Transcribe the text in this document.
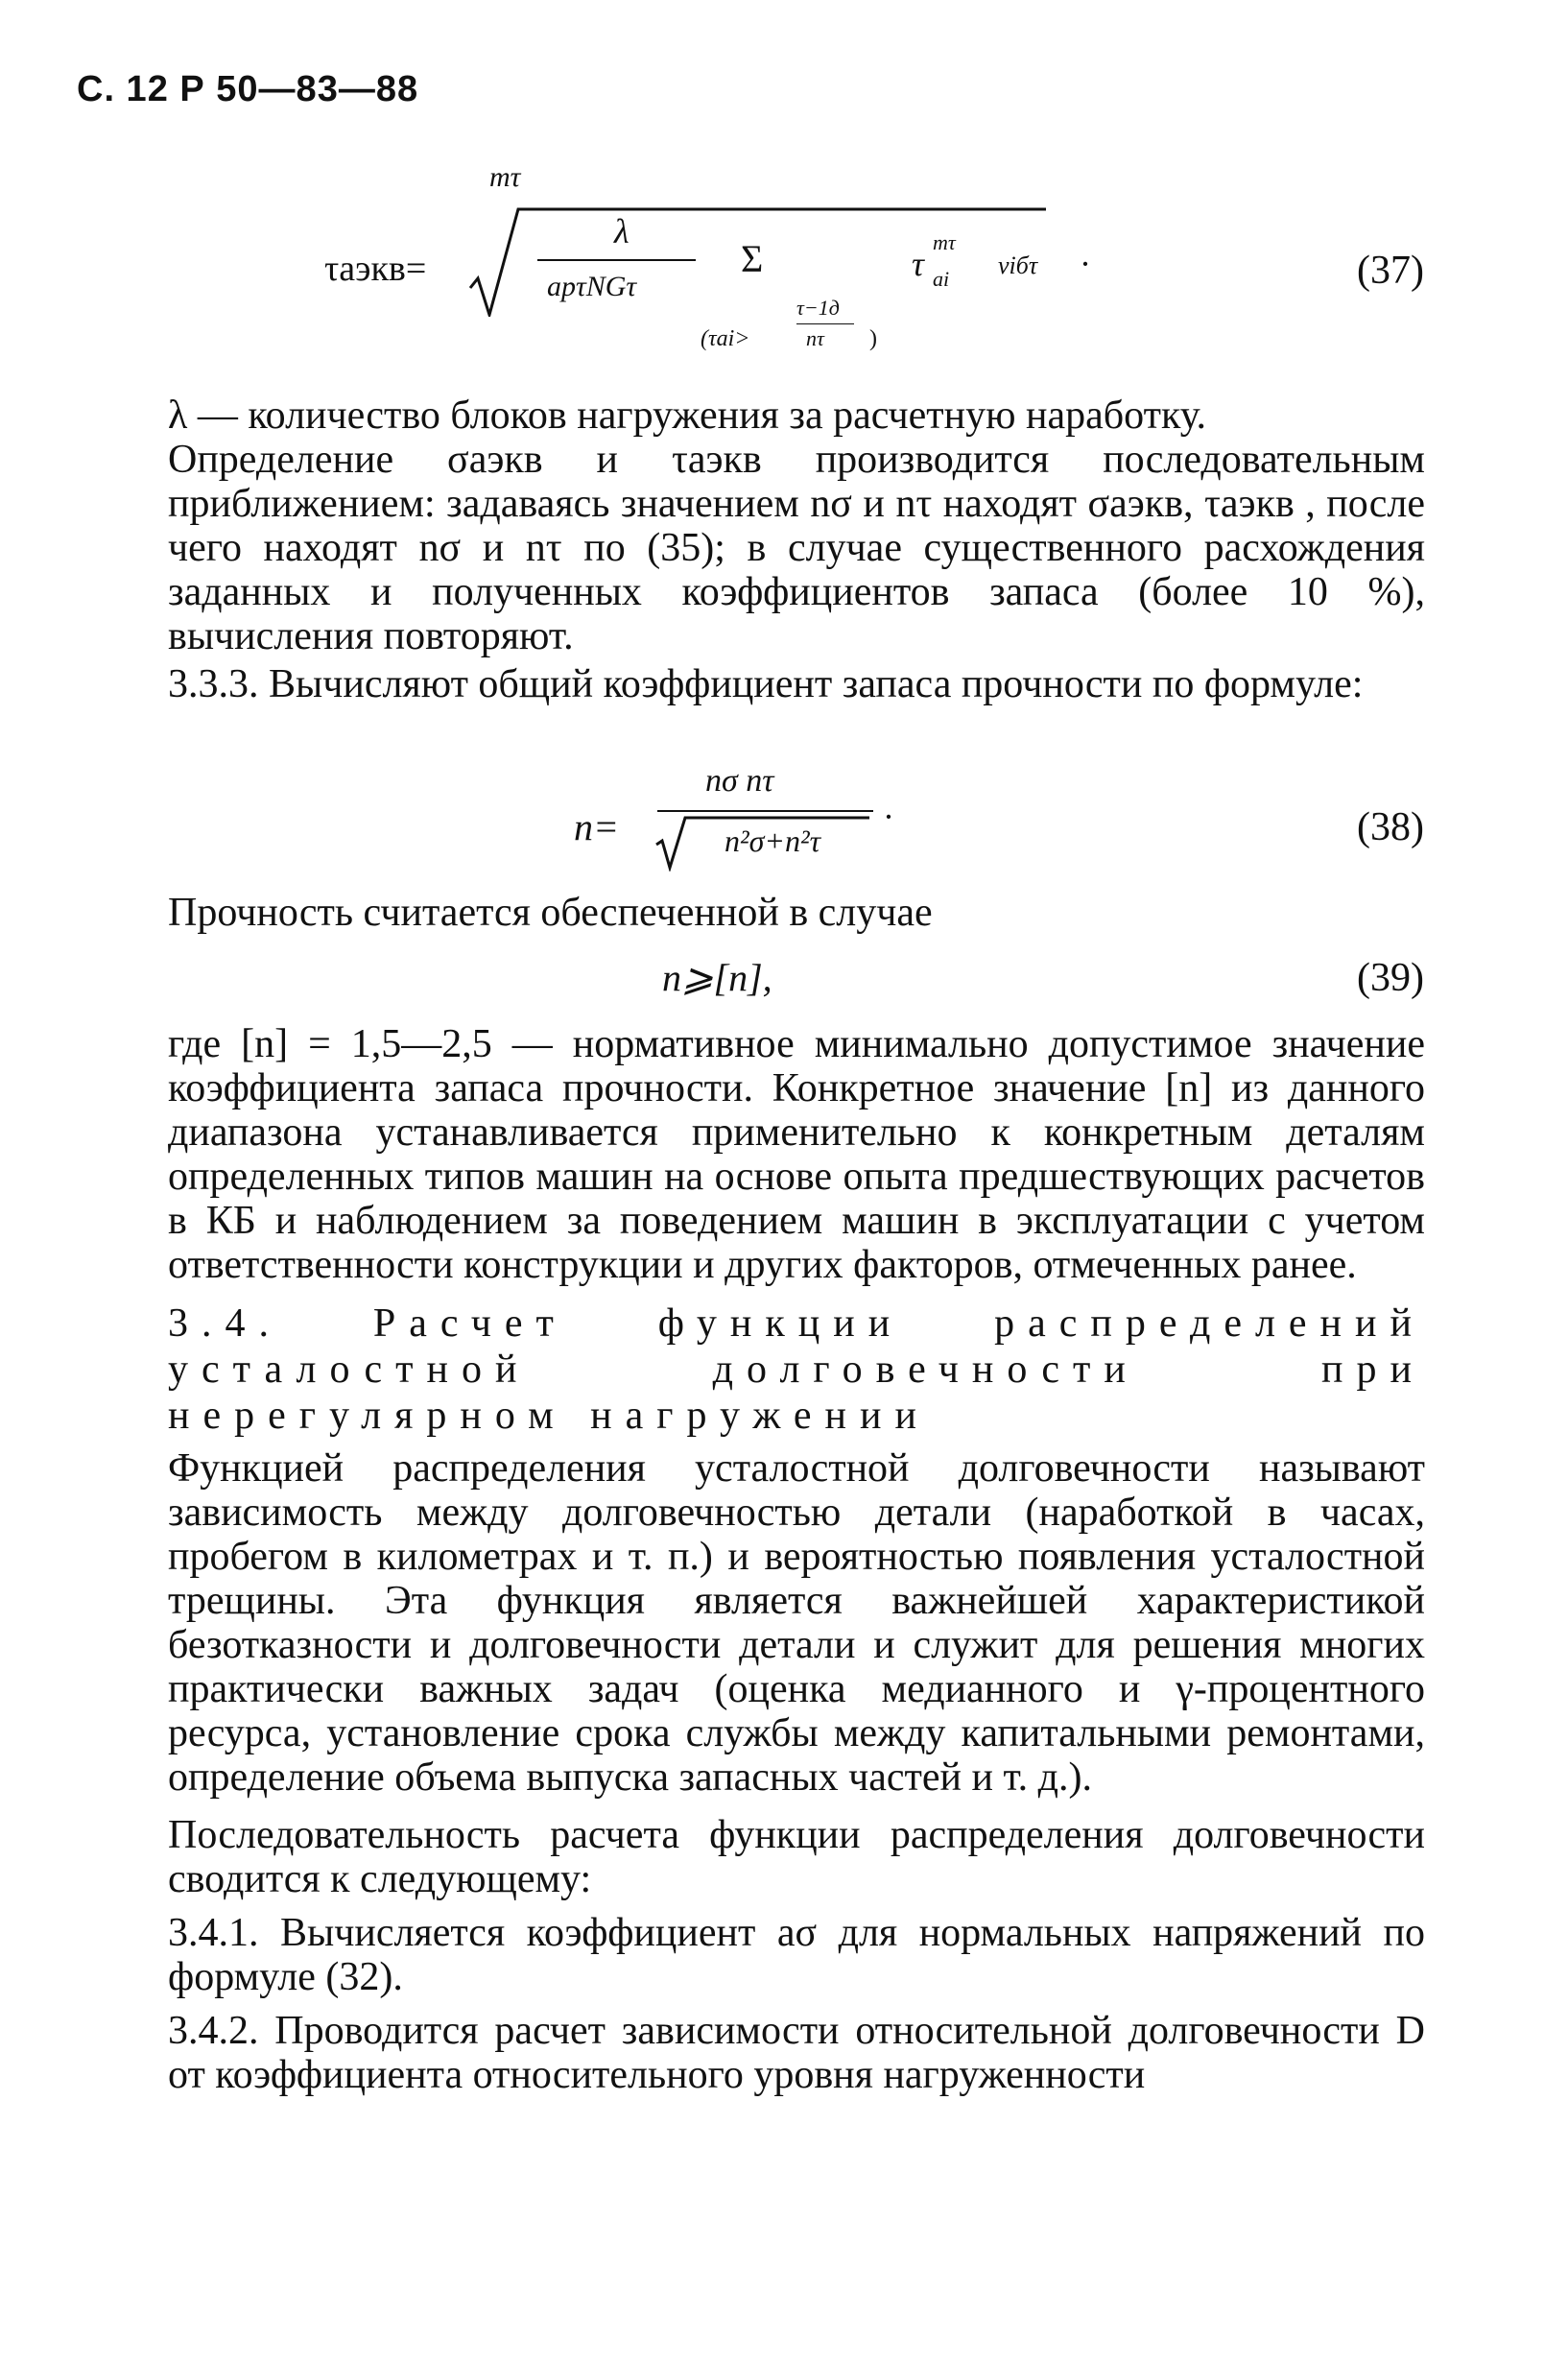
С. 12 Р 50—83—88
mτ
τаэкв=
λ
aрτNGτ
Σ
(τаi>
τ−1д
nτ )
τ
mτ
ai νiбτ ·	(37)

λ — количество блоков нагружения за расчетную наработку.

Определение σаэкв и τаэкв производится последовательным приближением: задаваясь значением nσ и nτ находят σаэкв, τаэкв , после чего находят nσ и nτ по (35); в случае существенного расхождения заданных и полученных коэффициентов запаса (более 10 %), вычисления повторяют.

3.3.3. Вычисляют общий коэффициент запаса прочности по формуле:

n=
nσ nτ
n²σ+n²τ
·	(38)

Прочность считается обеспеченной в случае

n⩾[n],	(39)

где [n] = 1,5—2,5 — нормативное минимально допустимое значение коэффициента запаса прочности. Конкретное значение [n] из данного диапазона устанавливается применительно к конкретным деталям определенных типов машин на основе опыта предшествующих расчетов в КБ и наблюдением за поведением машин в эксплуатации с учетом ответственности конструкции и других факторов, отмеченных ранее.

3.4. Расчет функции распределений усталостной долговечности при нерегулярном нагружении

Функцией распределения усталостной долговечности называют зависимость между долговечностью детали (наработкой в часах, пробегом в километрах и т. п.) и вероятностью появления усталостной трещины. Эта функция является важнейшей характеристикой безотказности и долговечности детали и служит для решения многих практически важных задач (оценка медианного и γ-процентного ресурса, установление срока службы между капитальными ремонтами, определение объема выпуска запасных частей и т. д.).

Последовательность расчета функции распределения долговечности сводится к следующему:

3.4.1. Вычисляется коэффициент aσ для нормальных напряжений по формуле (32).

3.4.2. Проводится расчет зависимости относительной долговечности D от коэффициента относительного уровня нагруженности
